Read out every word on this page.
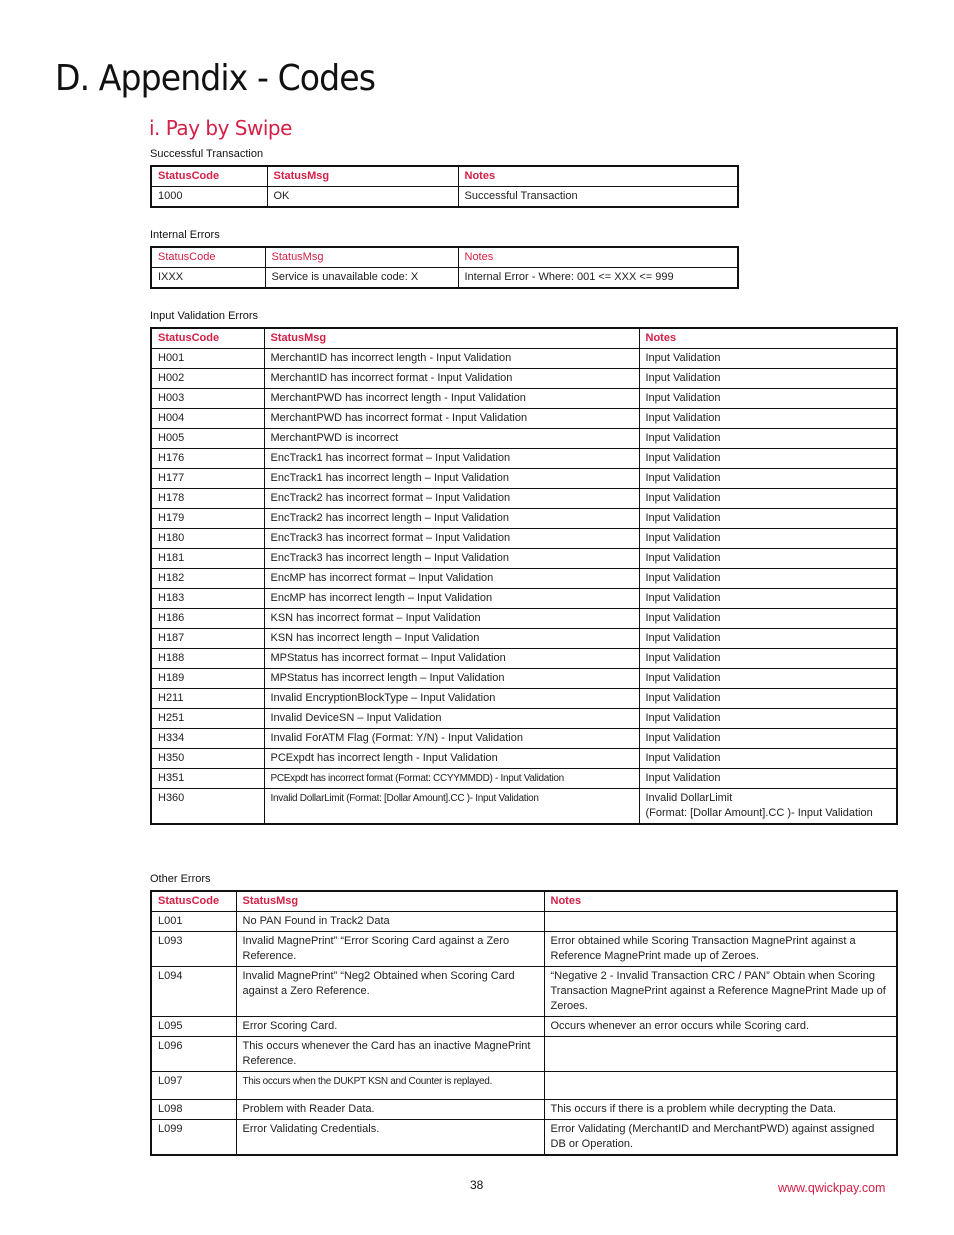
D. Appendix - Codes
i. Pay by Swipe
Successful Transaction
StatusCode	StatusMsg	Notes
1000	OK	Successful Transaction
Internal Errors
StatusCode	StatusMsg	Notes
IXXX	Service is unavailable code: X	Internal Error - Where: 001 <= XXX <= 999
Input Validation Errors
StatusCode	StatusMsg	Notes
H001	MerchantID has incorrect length - Input Validation	Input Validation
H002	MerchantID has incorrect format - Input Validation	Input Validation
H003	MerchantPWD has incorrect length - Input Validation	Input Validation
H004	MerchantPWD has incorrect format - Input Validation	Input Validation
H005	MerchantPWD is incorrect	Input Validation
H176	EncTrack1 has incorrect format – Input Validation	Input Validation
H177	EncTrack1 has incorrect length – Input Validation	Input Validation
H178	EncTrack2 has incorrect format – Input Validation	Input Validation
H179	EncTrack2 has incorrect length – Input Validation	Input Validation
H180	EncTrack3 has incorrect format – Input Validation	Input Validation
H181	EncTrack3 has incorrect length – Input Validation	Input Validation
H182	EncMP has incorrect format – Input Validation	Input Validation
H183	EncMP has incorrect length – Input Validation	Input Validation
H186	KSN has incorrect format – Input Validation	Input Validation
H187	KSN has incorrect length – Input Validation	Input Validation
H188	MPStatus has incorrect format – Input Validation	Input Validation
H189	MPStatus has incorrect length – Input Validation	Input Validation
H211	Invalid EncryptionBlockType – Input Validation	Input Validation
H251	Invalid DeviceSN – Input Validation	Input Validation
H334	Invalid ForATM Flag (Format: Y/N) - Input Validation	Input Validation
H350	PCExpdt has incorrect length - Input Validation	Input Validation
H351	PCExpdt has incorrect format (Format: CCYYMMDD) - Input Validation	Input Validation
H360	Invalid DollarLimit (Format: [Dollar Amount].CC )- Input Validation	Invalid DollarLimit
(Format: [Dollar Amount].CC )- Input Validation
Other Errors
StatusCode	StatusMsg	Notes
L001	No PAN Found in Track2 Data	
L093	Invalid MagnePrint” “Error Scoring Card against a Zero Reference.	Error obtained while Scoring Transaction MagnePrint against a Reference MagnePrint made up of Zeroes.
L094	Invalid MagnePrint” “Neg2 Obtained when Scoring Card against a Zero Reference.	“Negative 2 - Invalid Transaction CRC / PAN” Obtain when Scoring Transaction MagnePrint against a Reference MagnePrint Made up of Zeroes.
L095	Error Scoring Card.	Occurs whenever an error occurs while Scoring card.
L096	This occurs whenever the Card has an inactive MagnePrint Reference.	
L097	This occurs when the DUKPT KSN and Counter is replayed.	
L098	Problem with Reader Data.	This occurs if there is a problem while decrypting the Data.
L099	Error Validating Credentials.	Error Validating (MerchantID and MerchantPWD) against assigned DB or Operation.
38	www.qwickpay.com
